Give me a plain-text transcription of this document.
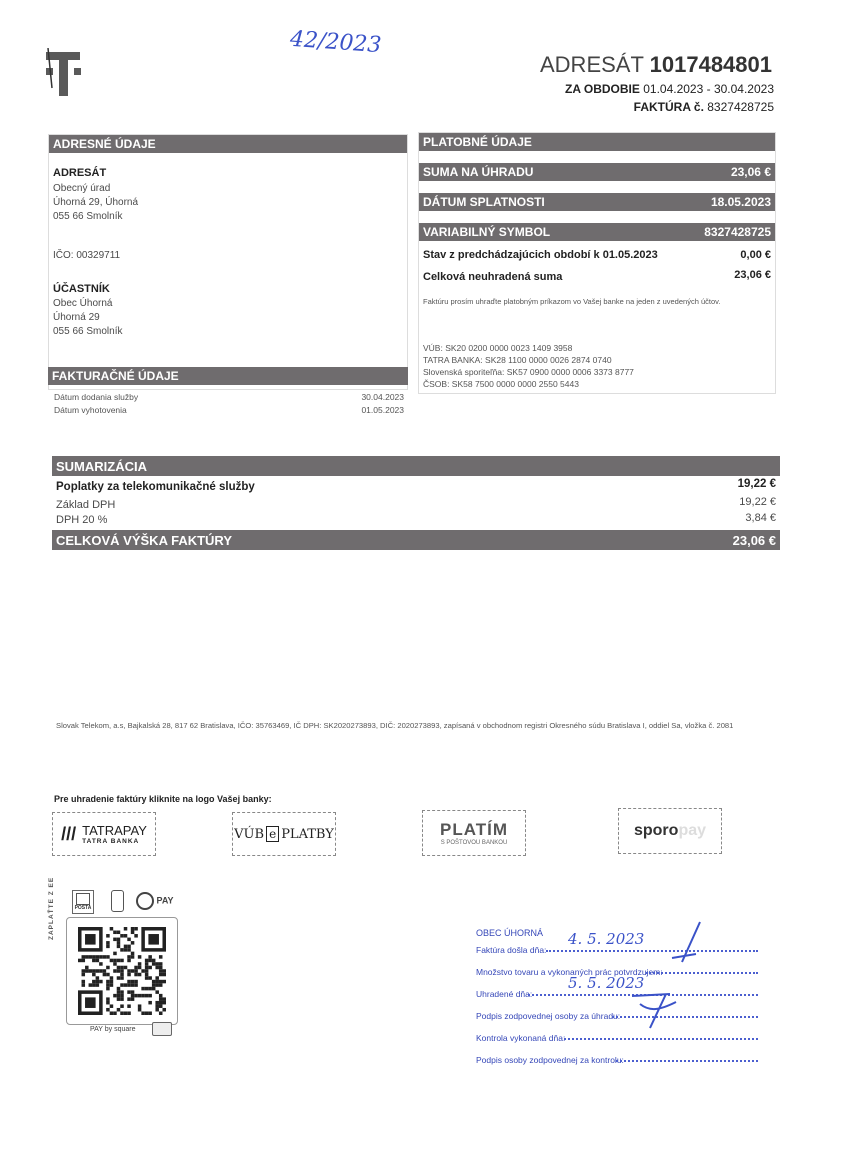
42/2023
ADRESÁT 1017484801
ZA OBDOBIE 01.04.2023 - 30.04.2023
FAKTÚRA č. 8327428725
ADRESNÉ ÚDAJE
ADRESÁT
Obecný úrad
Úhorná 29, Úhorná
055 66 Smolník
IČO: 00329711
ÚČASTNÍK
Obec Úhorná
Úhorná 29
055 66 Smolník
FAKTURAČNÉ ÚDAJE
Dátum dodania služby	30.04.2023
Dátum vyhotovenia	01.05.2023
PLATOBNÉ ÚDAJE
SUMA NA ÚHRADU	23,06 €
DÁTUM SPLATNOSTI	18.05.2023
VARIABILNÝ SYMBOL	8327428725
Stav z predchádzajúcich období k 01.05.2023	0,00 €
Celková neuhradená suma	23,06 €
Faktúru prosím uhraďte platobným príkazom vo Vašej banke na jeden z uvedených účtov.
VÚB: SK20 0200 0000 0023 1409 3958
TATRA BANKA: SK28 1100 0000 0026 2874 0740
Slovenská sporiteľňa: SK57 0900 0000 0006 3373 8777
ČSOB: SK58 7500 0000 0000 2550 5443
SUMARIZÁCIA
Poplatky za telekomunikačné služby	19,22 €
Základ DPH	19,22 €
DPH 20 %	3,84 €
CELKOVÁ VÝŠKA FAKTÚRY	23,06 €
Slovak Telekom, a.s, Bajkalská 28, 817 62 Bratislava, IČO: 35763469, IČ DPH: SK2020273893, DIČ: 2020273893, zapísaná v obchodnom registri Okresného súdu Bratislava I, oddiel Sa, vložka č. 2081
Pre uhradenie faktúry kliknite na logo Vašej banky:
/// TATRAPAY
TATRA BANKA	VÚB e PLATBY	PLATÍM
S POŠTOVOU BANKOU
sporo pay
POŠTA
PAY
ZAPLAŤTE Z EE
PAY by square
OBEC ÚHORNÁ
Faktúra došla dňa:
4. 5. 2023
Množstvo tovaru a vykonaných prác potvrdzujem:
Uhradené dňa:
5. 5. 2023
Podpis zodpovednej osoby za úhradu:
Kontrola vykonaná dňa:
Podpis osoby zodpovednej za kontrolu:
